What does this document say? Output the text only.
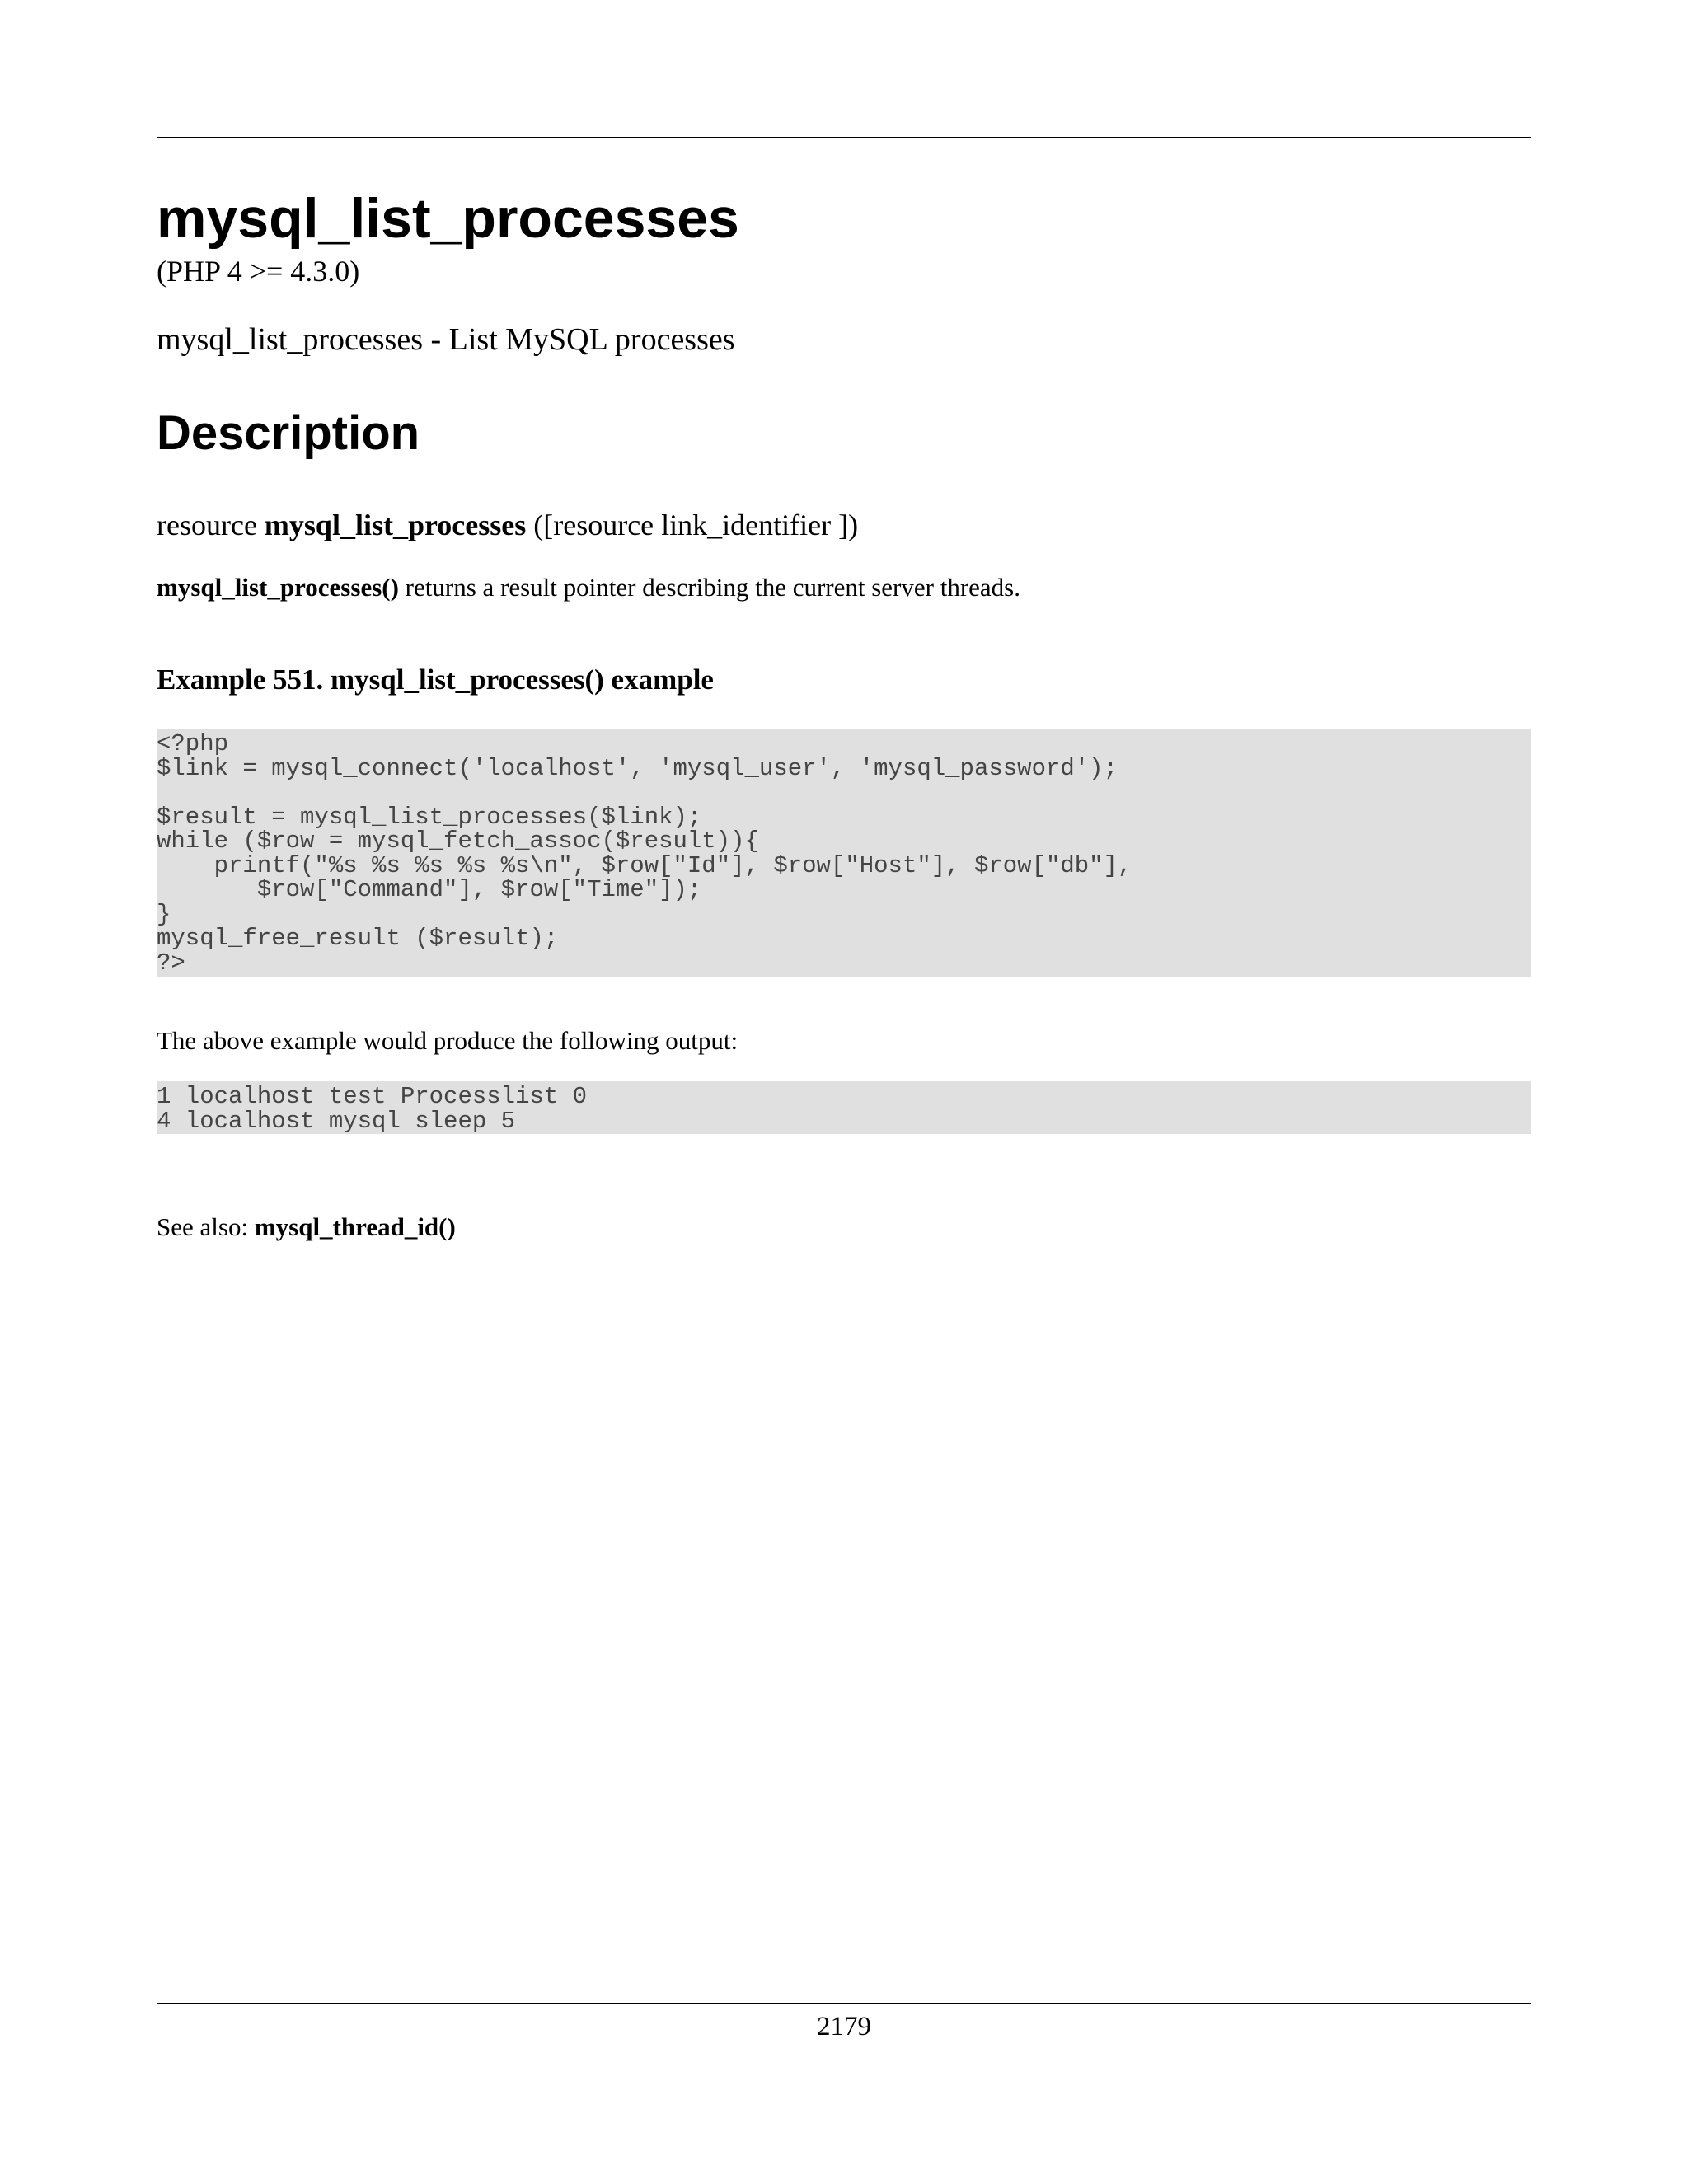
mysql_list_processes
(PHP 4 >= 4.3.0)
mysql_list_processes - List MySQL processes
Description
resource mysql_list_processes ([resource link_identifier ])
mysql_list_processes() returns a result pointer describing the current server threads.
Example 551. mysql_list_processes() example
<?php
$link = mysql_connect('localhost', 'mysql_user', 'mysql_password');

$result = mysql_list_processes($link);
while ($row = mysql_fetch_assoc($result)){
printf("%s %s %s %s %s\n", $row["Id"], $row["Host"], $row["db"],
$row["Command"], $row["Time"]);
}
mysql_free_result ($result);
?>
The above example would produce the following output:
1 localhost test Processlist 0
4 localhost mysql sleep 5
See also: mysql_thread_id()
2179
